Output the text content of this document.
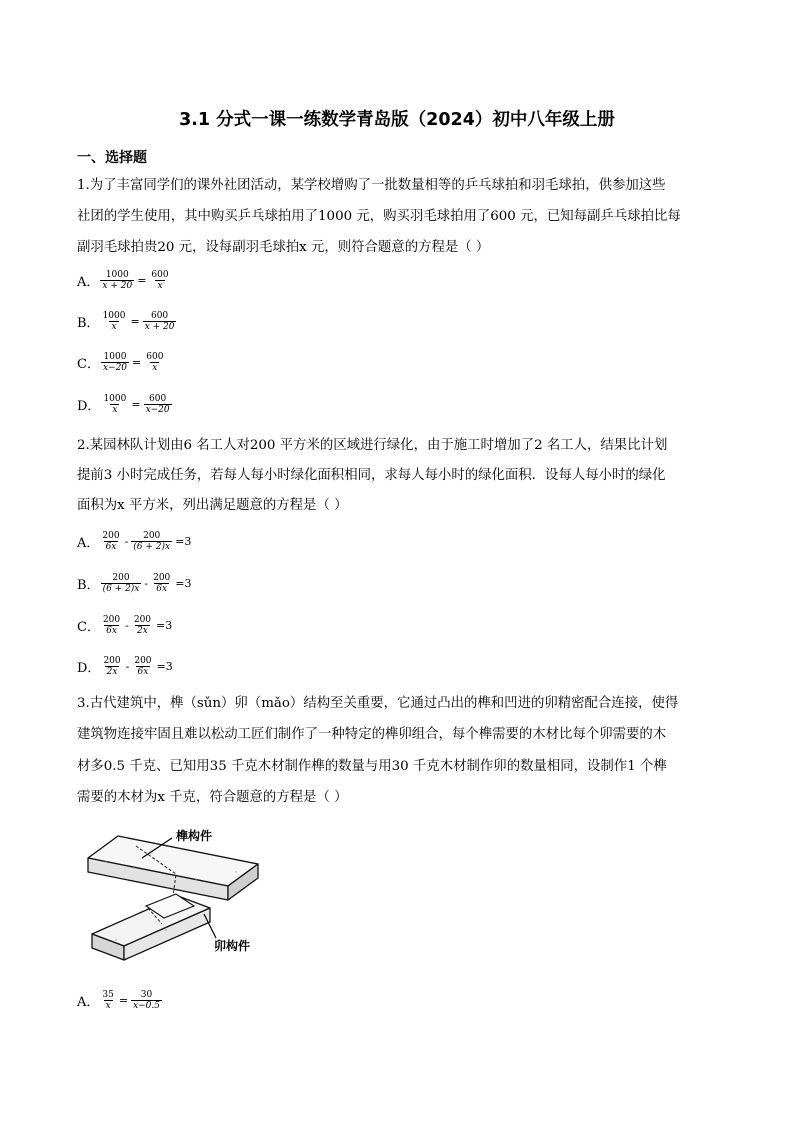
3.1 分式一课一练数学青岛版（2024）初中八年级上册
一、选择题
1.为了丰富同学们的课外社团活动，某学校增购了一批数量相等的乒乓球拍和羽毛球拍，供参加这些
社团的学生使用，其中购买乒乓球拍用了1000 元，购买羽毛球拍用了600 元，已知每副乒乓球拍比每
副羽毛球拍贵20 元，设每副羽毛球拍x 元，则符合题意的方程是（ ）
A． $\frac{1000}{x + 20} = \frac{600}{x}$
B． $\frac{1000}{x} = \frac{600}{x + 20}$
C． $\frac{1000}{x-20} = \frac{600}{x}$
D． $\frac{1000}{x} = \frac{600}{x-20}$
2.某园林队计划由6 名工人对200 平方米的区域进行绿化，由于施工时增加了2 名工人，结果比计划
提前3 小时完成任务，若每人每小时绿化面积相同，求每人每小时的绿化面积．设每人每小时的绿化
面积为x 平方米，列出满足题意的方程是（ ）
A． $\frac{200}{6x} - \frac{200}{(6 + 2)x} =3$
B． $\frac{200}{(6 + 2)x} - \frac{200}{6x} =3$
C． $\frac{200}{6x} - \frac{200}{2x} =3$
D． $\frac{200}{2x} - \frac{200}{6x} =3$
3.古代建筑中，榫（sǔn）卯（mǎo）结构至关重要，它通过凸出的榫和凹进的卯精密配合连接，使得
建筑物连接牢固且难以松动工匠们制作了一种特定的榫卯组合，每个榫需要的木材比每个卯需要的木
材多0.5 千克、已知用35 千克木材制作榫的数量与用30 千克木材制作卯的数量相同，设制作1 个榫
需要的木材为x 千克，符合题意的方程是（ ）
榫构件
卯构件
A． $\frac{35}{x} = \frac{30}{x-0.5}$
